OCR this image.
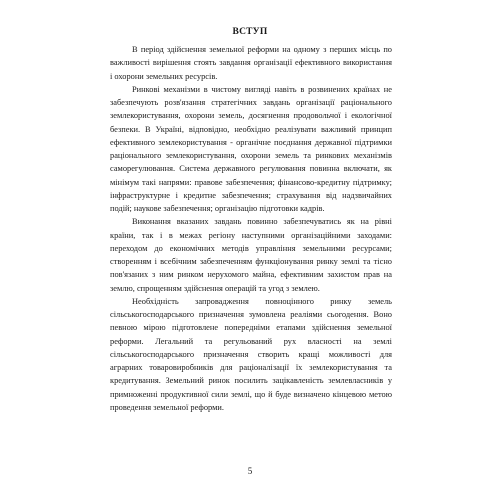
ВСТУП
В період здійснення земельної реформи на одному з перших місць по
важливості вирішення стоять завдання організації ефективного використання
і охорони земельних ресурсів.
Ринкові механізми в чистому вигляді навіть в розвинених країнах не
забезпечують розв'язання стратегічних завдань організації раціонального
землекористування, охорони земель, досягнення продовольчої і екологічної
безпеки. В Україні, відповідно, необхідно реалізувати важливий принцип
ефективного землекористування - органічне поєднання державної підтримки
раціонального землекористування, охорони земель та ринкових механізмів
саморегулювання. Система державного регулювання повинна включати, як
мінімум такі напрями: правове забезпечення; фінансово-кредитну підтримку;
інфраструктурне і кредитне забезпечення; страхування від надзвичайних
подій; наукове забезпечення; організацію підготовки кадрів.
Виконання вказаних завдань повинно забезпечуватись як на рівні
країни, так і в межах регіону наступними організаційними заходами:
переходом до економічних методів управління земельними ресурсами;
створенням і всебічним забезпеченням функціонування ринку землі та тісно
пов'язаних з ним ринком нерухомого майна, ефективним захистом прав на
землю, спрощенням здійснення операцій та угод з землею.
Необхідність запровадження повноцінного ринку земель
сільськогосподарського призначення зумовлена реаліями сьогодення. Воно
певною мірою підготовлене попередніми етапами здійснення земельної
реформи. Легальний та регульований рух власності на землі
сільськогосподарського призначення створить кращі можливості для
аграрних товаровиробників для раціоналізації їх землекористування та
кредитування. Земельний ринок посилить зацікавленість землевласників у
примноженні продуктивної сили землі, що й буде визначено кінцевою метою
проведення земельної реформи.
5
